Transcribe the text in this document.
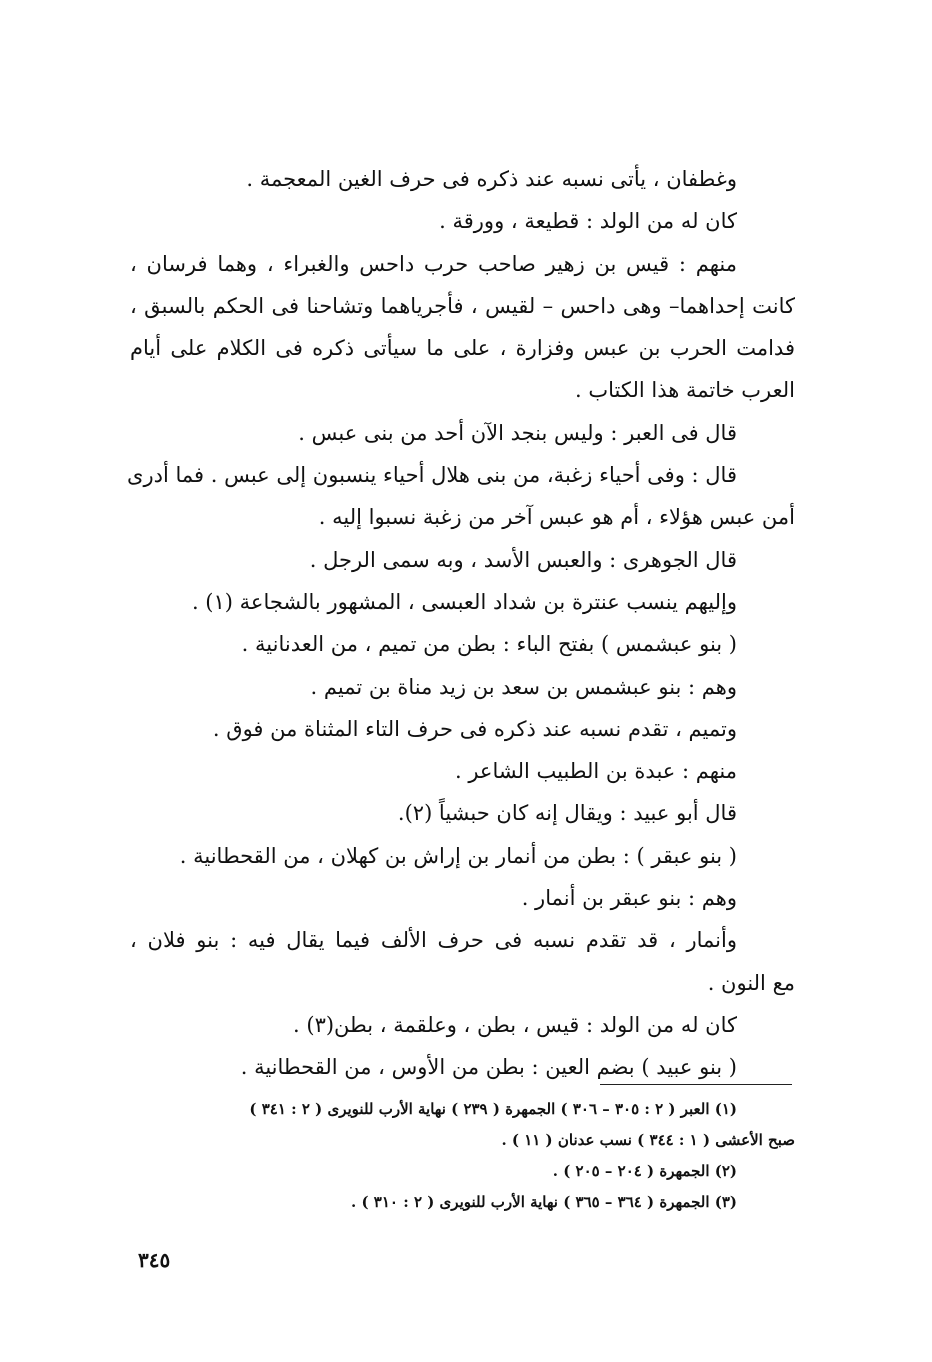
وغطفان ، يأتى نسبه عند ذكره فى حرف الغين المعجمة .
كان له من الولد : قطيعة ، وورقة .
منهم : قيس بن زهير صاحب حرب داحس والغبراء ، وهما فرسان ،
كانت إحداهما– وهى داحس – لقيس ، فأجرياهما وتشاحنا فى الحكم بالسبق ،
فدامت الحرب بن عبس وفزارة ، على ما سيأتى ذكره فى الكلام على أيام
العرب خاتمة هذا الكتاب .
قال فى العبر : وليس بنجد الآن أحد من بنى عبس .
قال : وفى أحياء زغبة، من بنى هلال أحياء ينسبون إلى عبس . فما أدرى
أمن عبس هؤلاء ، أم هو عبس آخر من زغبة نسبوا إليه .
قال الجوهرى : والعبس الأسد ، وبه سمى الرجل .
وإليهم ينسب عنترة بن شداد العبسى ، المشهور بالشجاعة (١) .
( بنو عبشمس ) بفتح الباء : بطن من تميم ، من العدنانية .
وهم : بنو عبشمس بن سعد بن زيد مناة بن تميم .
وتميم ، تقدم نسبه عند ذكره فى حرف التاء المثناة من فوق .
منهم : عبدة بن الطبيب الشاعر .
قال أبو عبيد : ويقال إنه كان حبشياً (٢).
( بنو عبقر ) : بطن من أنمار بن إراش بن كهلان ، من القحطانية .
وهم : بنو عبقر بن أنمار .
وأنمار ، قد تقدم نسبه فى حرف الألف فيما يقال فيه : بنو فلان ،
مع النون .
كان له من الولد : قيس ، بطن ، وعلقمة ، بطن(٣) .
( بنو عبيد ) بضم العين : بطن من الأوس ، من القحطانية .
(١) العبر ( ٢ : ٣٠٥ – ٣٠٦ ) الجمهرة ( ٢٣٩ ) نهاية الأرب للنويرى ( ٢ : ٣٤١ )
صبح الأعشى ( ١ : ٣٤٤ ) نسب عدنان ( ١١ ) .
(٢) الجمهرة ( ٢٠٤ – ٢٠٥ ) .
(٣) الجمهرة ( ٣٦٤ – ٣٦٥ ) نهاية الأرب للنويرى ( ٢ : ٣١٠ ) .
٣٤٥
